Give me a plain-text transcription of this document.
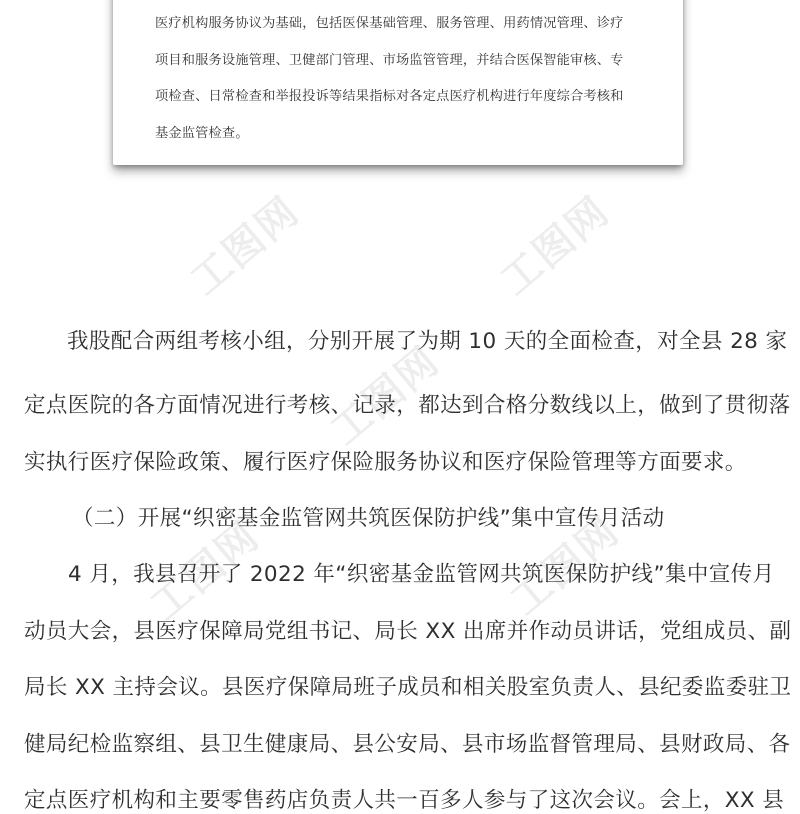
工图网	工图网
工图网
工图网	工图网
医疗机构服务协议为基础，包括医保基础管理、服务管理、用药情况管理、诊疗
项目和服务设施管理、卫健部门管理、市场监管管理，并结合医保智能审核、专
项检查、日常检查和举报投诉等结果指标对各定点医疗机构进行年度综合考核和
基金监管检查。
我股配合两组考核小组，分别开展了为期 10 天的全面检查，对全县 28 家
定点医院的各方面情况进行考核、记录，都达到合格分数线以上，做到了贯彻落
实执行医疗保险政策、履行医疗保险服务协议和医疗保险管理等方面要求。
（二）开展“织密基金监管网共筑医保防护线”集中宣传月活动
4 月，我县召开了 2022 年“织密基金监管网共筑医保防护线”集中宣传月
动员大会，县医疗保障局党组书记、局长 XX 出席并作动员讲话，党组成员、副
局长 XX 主持会议。县医疗保障局班子成员和相关股室负责人、县纪委监委驻卫
健局纪检监察组、县卫生健康局、县公安局、县市场监督管理局、县财政局、各
定点医疗机构和主要零售药店负责人共一百多人参与了这次会议。会上，XX 县
